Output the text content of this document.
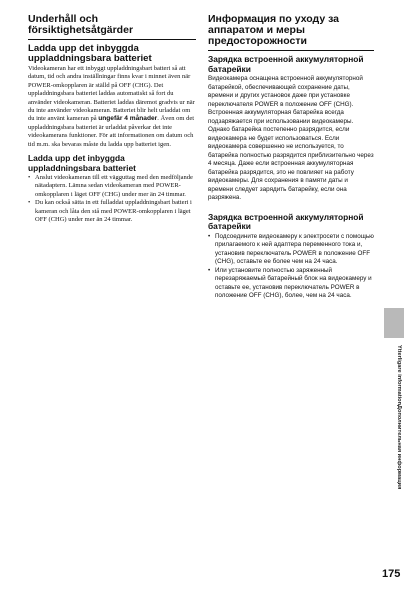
Underhåll och försiktighetsåtgärder
Ladda upp det inbyggda uppladdningsbara batteriet

Videokameran har ett inbyggt uppladdningsbart batteri så att datum, tid och andra inställningar finns kvar i minnet även när POWER-omkopplaren är ställd på OFF (CHG). Det uppladdningsbara batteriet laddas automatiskt så fort du använder videokameran. Batteriet laddas däremot gradvis ur när du inte använder videokameran. Batteriet blir helt urladdat om du inte använt kameran på ungefär 4 månader. Även om det uppladdningsbara batteriet är urladdat påverkar det inte videokamerans funktioner. För att informationen om datum och tid m.m. ska bevaras måste du ladda upp batteriet igen.

Ladda upp det inbyggda uppladdningsbara batteriet
• Anslut videokameran till ett vägguttag med den medföljande nätadaptern. Lämna sedan videokameran med POWER-omkopplaren i läget OFF (CHG) under mer än 24 timmar.
• Du kan också sätta in ett fulladdat uppladdningsbart batteri i kameran och låta den stå med POWER-omkopplaren i läget OFF (CHG) under mer än 24 timmar.
Информация по уходу за аппаратом и меры предосторожности
Зарядка встроенной аккумуляторной батарейки

Видеокамера оснащена встроенной аккумуляторной батарейкой, обеспечивающей сохранение даты, времени и других установок даже при установке переключателя POWER в положение OFF (CHG). Встроенная аккумуляторная батарейка всегда подзаряжается при использовании видеокамеры. Однако батарейка постепенно разрядится, если видеокамера не будет использоваться. Если видеокамера совершенно не используется, то батарейка полностью разрядится приблизительно через 4 месяца. Даже если встроенная аккумуляторная батарейка разрядится, это не повлияет на работу видеокамеры. Для сохранения в памяти даты и времени следует зарядить батарейку, если она разряжена.

Зарядка встроенной аккумуляторной батарейки
• Подсоедините видеокамеру к электросети с помощью прилагаемого к ней адаптера переменного тока и, установив переключатель POWER в положение OFF (CHG), оставьте ее более чем на 24 часа.
• Или установите полностью заряженный перезаряжаемый батарейный блок на видеокамеру и оставьте ее, установив переключатель POWER в положение OFF (CHG), более, чем на 24 часа.
Ytterligare information
Дополнительная информация
175
